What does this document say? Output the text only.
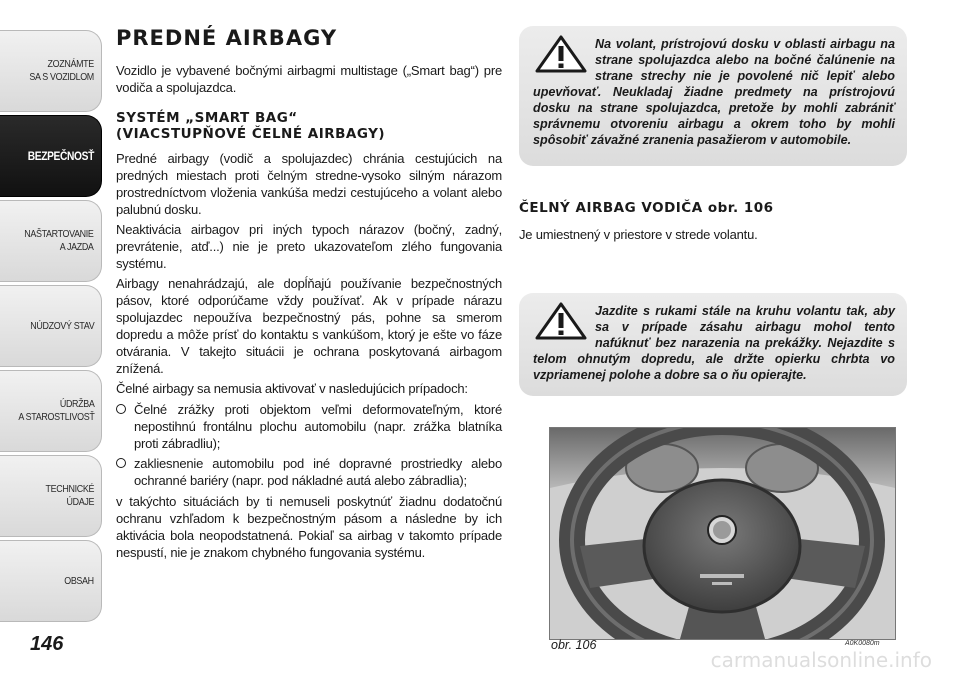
ZOZNÁMTE
SA S VOZIDLOM
BEZPEČNOSŤ
NAŠTARTOVANIE
A JAZDA
NÚDZOVÝ STAV
ÚDRŽBA
A STAROSTLIVOSŤ
TECHNICKÉ
ÚDAJE
OBSAH
146
PREDNÉ AIRBAGY

Vozidlo je vybavené bočnými airbagmi multistage („Smart bag“) pre vodiča a spolujazdca.

SYSTÉM „SMART BAG“
(VIACSTUPŇOVÉ ČELNÉ AIRBAGY)

Predné airbagy (vodič a spolujazdec) chránia cestujúcich na predných miestach proti čelným stredne-vysoko silným nárazom prostredníctvom vloženia vankúša medzi cestujúceho a volant alebo palubnú dosku.

Neaktivácia airbagov pri iných typoch nárazov (bočný, zadný, prevrátenie, atď...) nie je preto ukazovateľom zlého fungovania systému.

Airbagy nenahrádzajú, ale dopĺňajú používanie bezpečnostných pásov, ktoré odporúčame vždy používať. Ak v prípade nárazu spolujazdec nepoužíva bezpečnostný pás, pohne sa smerom dopredu a môže prísť do kontaktu s vankúšom, ktorý je ešte vo fáze otvárania. V takejto situácii je ochrana poskytovaná airbagom znížená.

Čelné airbagy sa nemusia aktivovať v nasledujúcich prípadoch:

Čelné zrážky proti objektom veľmi deformovateľným, ktoré nepostihnú frontálnu plochu automobilu (napr. zrážka blatníka proti zábradliu);
zakliesnenie automobilu pod iné dopravné prostriedky alebo ochranné bariéry (napr. pod nákladné autá alebo zábradlia);

v takýchto situáciách by ti nemuseli poskytnúť žiadnu dodatočnú ochranu vzhľadom k bezpečnostným pásom a následne by ich aktivácia bola neopodstatnená. Pokiaľ sa airbag v takomto prípade nespustí, nie je znakom chybného fungovania systému.

Na volant, prístrojovú dosku v oblasti airbagu na strane spolujazdca alebo na bočné čalúnenie na strane strechy nie je povolené nič lepiť alebo upevňovať. Neukladaj žiadne predmety na prístrojovú dosku na strane spolujazdca, pretože by mohli zabrániť správnemu otvoreniu airbagu a okrem toho by mohli spôsobiť závažné zranenia pasažierom v automobile.
ČELNÝ AIRBAG VODIČA obr. 106

Je umiestnený v priestore v strede volantu.

Jazdite s rukami stále na kruhu volantu tak, aby sa v prípade zásahu airbagu mohol tento nafúknuť bez narazenia na prekážky. Nejazdite s telom ohnutým dopredu, ale držte opierku chrbta vo vzpriamenej polohe a dobre sa o ňu opierajte.
obr. 106	A0K0080m
carmanualsonline.info
